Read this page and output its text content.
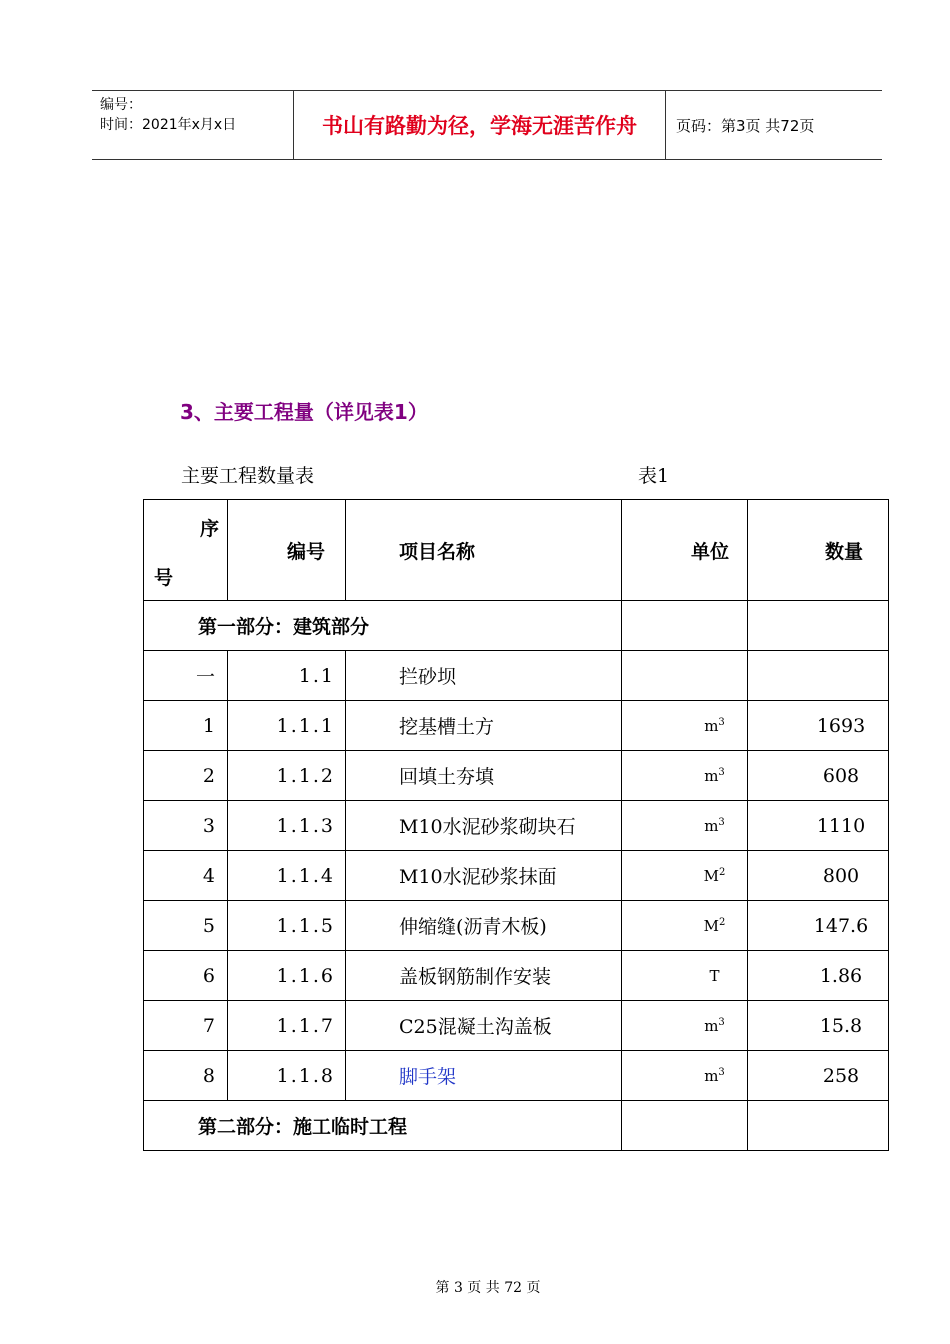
编号：
时间：2021年x月x日	书山有路勤为径，学海无涯苦作舟	页码：第3页 共72页
3、主要工程量（详见表1）
主要工程数量表	表1
序
号	编号	项目名称	单位	数量
第一部分：建筑部分				
一	1.1	拦砂坝		
1	1.1.1	挖基槽土方	$m^3$	1693
2	1.1.2	回填土夯填	$m^3$	608
3	1.1.3	M10水泥砂浆砌块石	$m^3$	1110
4	1.1.4	M10水泥砂浆抹面	$M^2$	800
5	1.1.5	伸缩缝(沥青木板)	$M^2$	147.6
6	1.1.6	盖板钢筋制作安装	T	1.86
7	1.1.7	C25混凝土沟盖板	$m^3$	15.8
8	1.1.8	脚手架	$m^3$	258
第二部分：施工临时工程				
第 3 页 共 72 页
